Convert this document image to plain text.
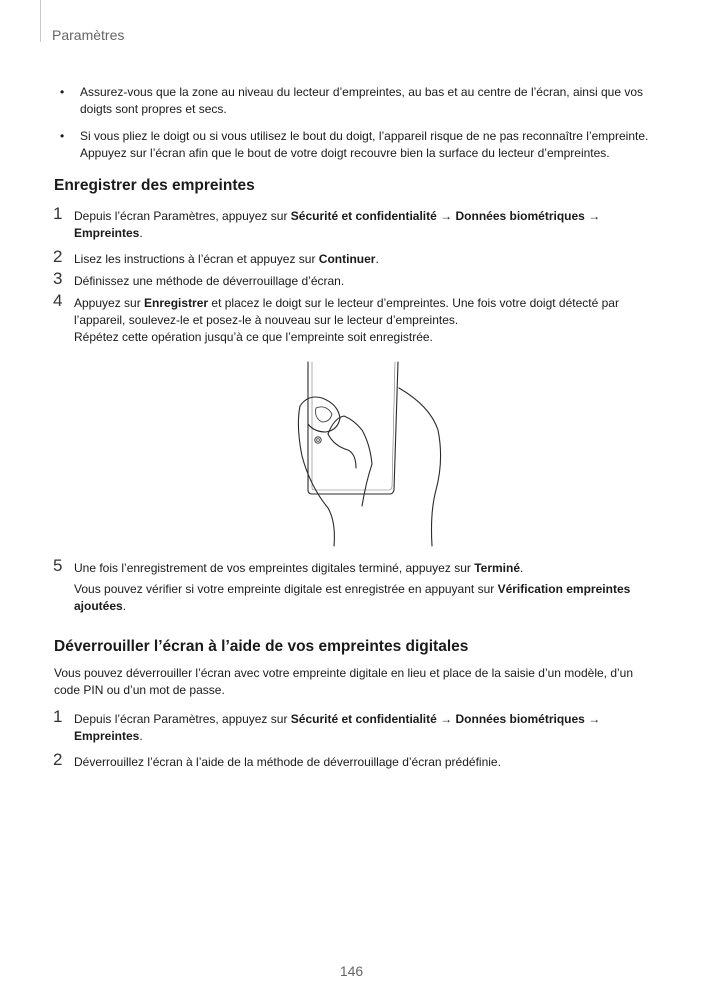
Paramètres
• Assurez-vous que la zone au niveau du lecteur d’empreintes, au bas et au centre de l’écran, ainsi que vos doigts sont propres et secs.
• Si vous pliez le doigt ou si vous utilisez le bout du doigt, l’appareil risque de ne pas reconnaître l’empreinte. Appuyez sur l’écran afin que le bout de votre doigt recouvre bien la surface du lecteur d’empreintes.
Enregistrer des empreintes
1 Depuis l’écran Paramètres, appuyez sur Sécurité et confidentialité → Données biométriques → Empreintes.
2 Lisez les instructions à l’écran et appuyez sur Continuer.
3 Définissez une méthode de déverrouillage d’écran.
4 Appuyez sur Enregistrer et placez le doigt sur le lecteur d’empreintes. Une fois votre doigt détecté par l’appareil, soulevez-le et posez-le à nouveau sur le lecteur d’empreintes.
Répétez cette opération jusqu’à ce que l’empreinte soit enregistrée.
5 Une fois l’enregistrement de vos empreintes digitales terminé, appuyez sur Terminé.
Vous pouvez vérifier si votre empreinte digitale est enregistrée en appuyant sur Vérification empreintes ajoutées.
Déverrouiller l’écran à l’aide de vos empreintes digitales
Vous pouvez déverrouiller l’écran avec votre empreinte digitale en lieu et place de la saisie d’un modèle, d’un code PIN ou d’un mot de passe.
1 Depuis l’écran Paramètres, appuyez sur Sécurité et confidentialité → Données biométriques → Empreintes.
2 Déverrouillez l’écran à l’aide de la méthode de déverrouillage d’écran prédéfinie.
146
